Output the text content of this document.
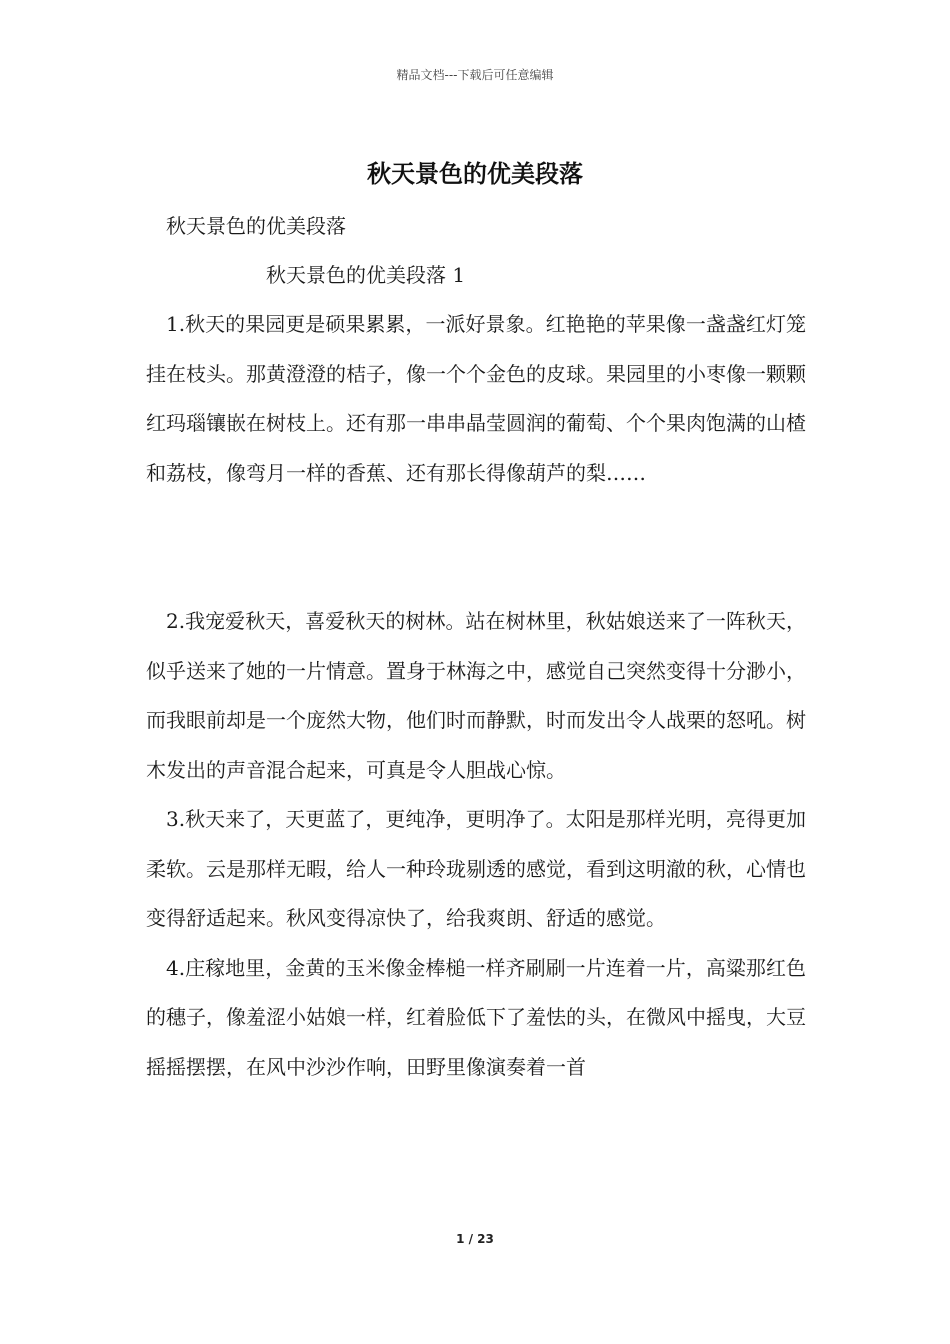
精品文档---下载后可任意编辑
秋天景色的优美段落
秋天景色的优美段落
秋天景色的优美段落 1

1.秋天的果园更是硕果累累，一派好景象。红艳艳的苹果像一盏盏红灯笼挂在枝头。那黄澄澄的桔子，像一个个金色的皮球。果园里的小枣像一颗颗红玛瑙镶嵌在树枝上。还有那一串串晶莹圆润的葡萄、个个果肉饱满的山楂和荔枝，像弯月一样的香蕉、还有那长得像葫芦的梨……

2.我宠爱秋天，喜爱秋天的树林。站在树林里，秋姑娘送来了一阵秋天，似乎送来了她的一片情意。置身于林海之中，感觉自己突然变得十分渺小，而我眼前却是一个庞然大物，他们时而静默，时而发出令人战栗的怒吼。树木发出的声音混合起来，可真是令人胆战心惊。

3.秋天来了，天更蓝了，更纯净，更明净了。太阳是那样光明，亮得更加柔软。云是那样无暇，给人一种玲珑剔透的感觉，看到这明澈的秋，心情也变得舒适起来。秋风变得凉快了，给我爽朗、舒适的感觉。

4.庄稼地里，金黄的玉米像金棒槌一样齐刷刷一片连着一片，高粱那红色的穗子，像羞涩小姑娘一样，红着脸低下了羞怯的头，在微风中摇曳，大豆摇摇摆摆，在风中沙沙作响，田野里像演奏着一首

1 / 23
